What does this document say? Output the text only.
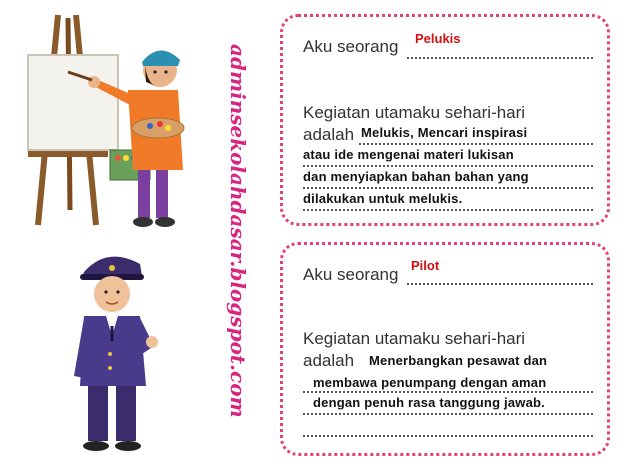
adminsekolahdasar.blogspot.com	Aku seorang Pelukis
Kegiatan utamaku sehari-hari
adalah Melukis, Mencari inspirasi
atau ide mengenai materi lukisan
dan menyiapkan bahan bahan yang
dilakukan untuk melukis.
Aku seorang Pilot
Kegiatan utamaku sehari-hari
adalah Menerbangkan pesawat dan
membawa penumpang dengan aman
dengan penuh rasa tanggung jawab.
